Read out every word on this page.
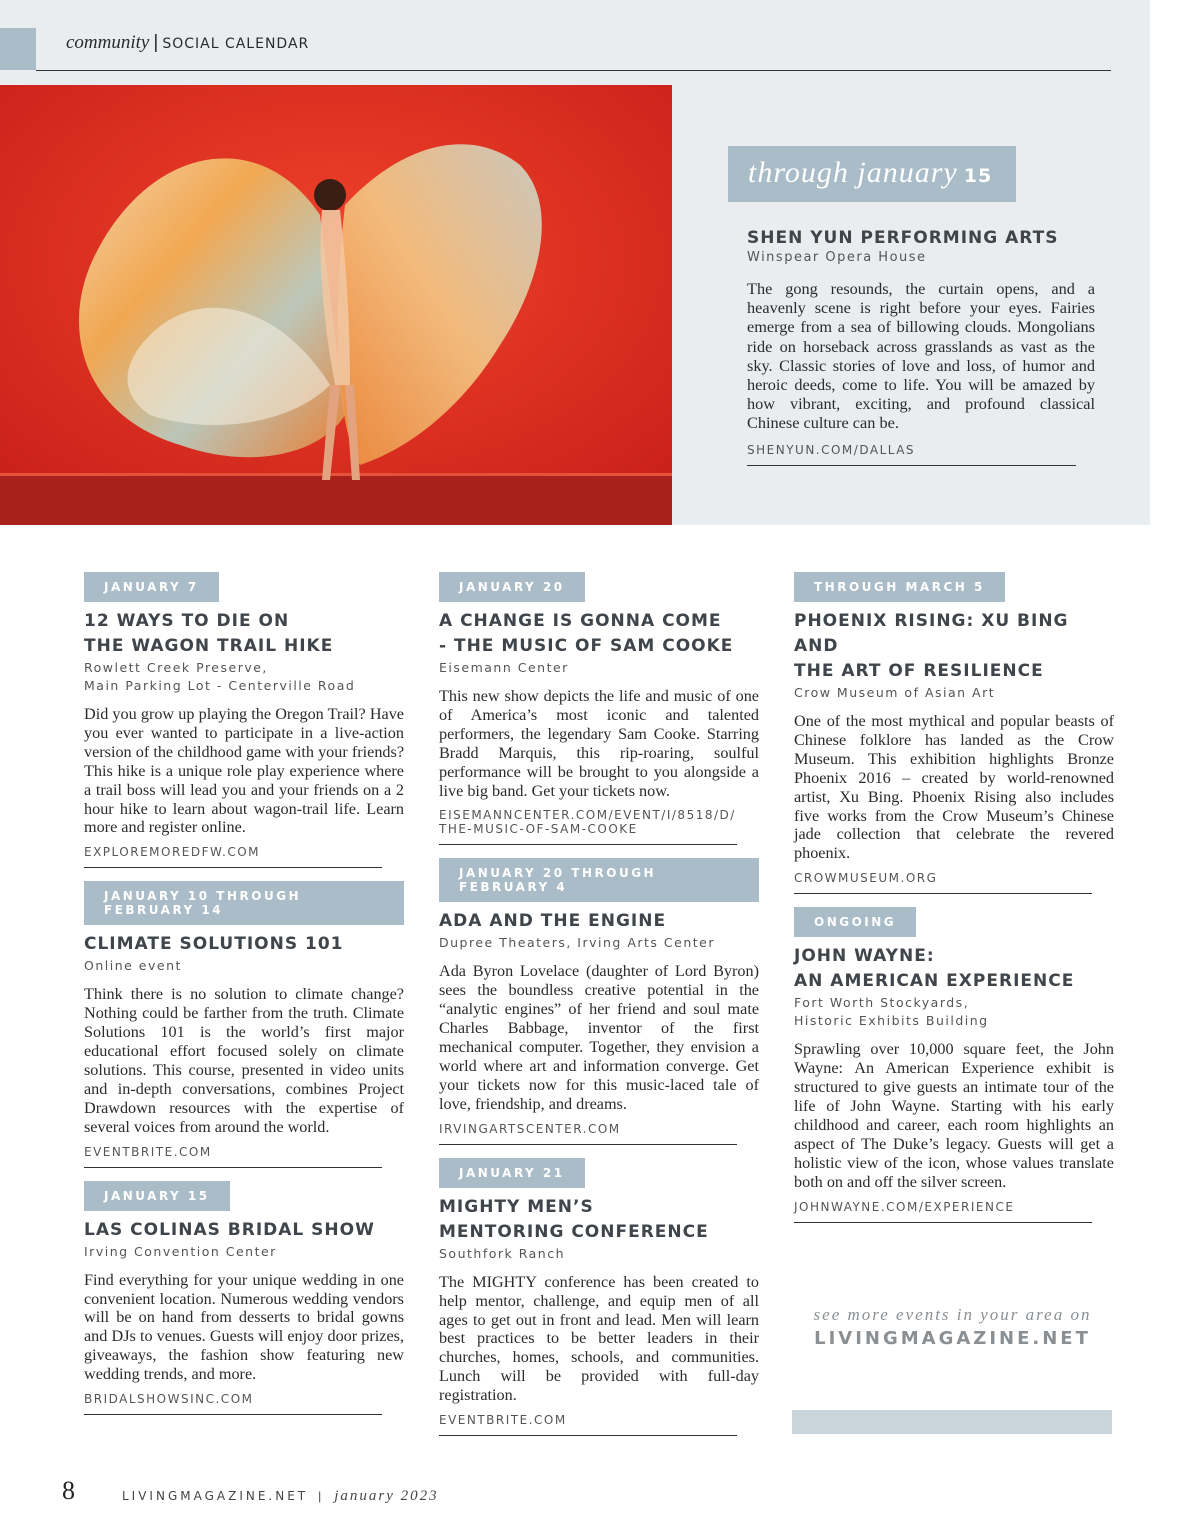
community | SOCIAL CALENDAR
through january 15
SHEN YUN PERFORMING ARTS
Winspear Opera House
The gong resounds, the curtain opens, and a heavenly scene is right before your eyes. Fairies emerge from a sea of billowing clouds. Mongolians ride on horseback across grasslands as vast as the sky. Classic stories of love and loss, of humor and heroic deeds, come to life. You will be amazed by how vibrant, exciting, and profound classical Chinese culture can be.
SHENYUN.COM/DALLAS
JANUARY 7
12 WAYS TO DIE ON
THE WAGON TRAIL HIKE
Rowlett Creek Preserve,
Main Parking Lot - Centerville Road
Did you grow up playing the Oregon Trail? Have you ever wanted to participate in a live-action version of the childhood game with your friends? This hike is a unique role play experience where a trail boss will lead you and your friends on a 2 hour hike to learn about wagon-trail life. Learn more and register online.
EXPLOREMOREDFW.COM
JANUARY 10 THROUGH FEBRUARY 14
CLIMATE SOLUTIONS 101
Online event
Think there is no solution to climate change? Nothing could be farther from the truth. Climate Solutions 101 is the world’s first major educational effort focused solely on climate solutions. This course, presented in video units and in-depth conversations, combines Project Drawdown resources with the expertise of several voices from around the world.
EVENTBRITE.COM
JANUARY 15
LAS COLINAS BRIDAL SHOW
Irving Convention Center
Find everything for your unique wedding in one convenient location. Numerous wedding vendors will be on hand from desserts to bridal gowns and DJs to venues. Guests will enjoy door prizes, giveaways, the fashion show featuring new wedding trends, and more.
BRIDALSHOWSINC.COM
JANUARY 20
A CHANGE IS GONNA COME
- THE MUSIC OF SAM COOKE
Eisemann Center
This new show depicts the life and music of one of America’s most iconic and talented performers, the legendary Sam Cooke. Starring Bradd Marquis, this rip-roaring, soulful performance will be brought to you alongside a live big band. Get your tickets now.
EISEMANNCENTER.COM/EVENT/I/8518/D/
THE-MUSIC-OF-SAM-COOKE
JANUARY 20 THROUGH FEBRUARY 4
ADA AND THE ENGINE
Dupree Theaters, Irving Arts Center
Ada Byron Lovelace (daughter of Lord Byron) sees the boundless creative potential in the “analytic engines” of her friend and soul mate Charles Babbage, inventor of the first mechanical computer. Together, they envision a world where art and information converge. Get your tickets now for this music-laced tale of love, friendship, and dreams.
IRVINGARTSCENTER.COM
JANUARY 21
MIGHTY MEN’S
MENTORING CONFERENCE
Southfork Ranch
The MIGHTY conference has been created to help mentor, challenge, and equip men of all ages to get out in front and lead. Men will learn best practices to be better leaders in their churches, homes, schools, and communities. Lunch will be provided with full-day registration.
EVENTBRITE.COM
THROUGH MARCH 5
PHOENIX RISING: XU BING AND
THE ART OF RESILIENCE
Crow Museum of Asian Art
One of the most mythical and popular beasts of Chinese folklore has landed as the Crow Museum. This exhibition highlights Bronze Phoenix 2016 – created by world-renowned artist, Xu Bing. Phoenix Rising also includes five works from the Crow Museum’s Chinese jade collection that celebrate the revered phoenix.
CROWMUSEUM.ORG
ONGOING
JOHN WAYNE:
AN AMERICAN EXPERIENCE
Fort Worth Stockyards,
Historic Exhibits Building
Sprawling over 10,000 square feet, the John Wayne: An American Experience exhibit is structured to give guests an intimate tour of the life of John Wayne. Starting with his early childhood and career, each room highlights an aspect of The Duke’s legacy. Guests will get a holistic view of the icon, whose values translate both on and off the silver screen.
JOHNWAYNE.COM/EXPERIENCE
see more events in your area on
LIVINGMAGAZINE.NET
8	LIVINGMAGAZINE.NET | january 2023
